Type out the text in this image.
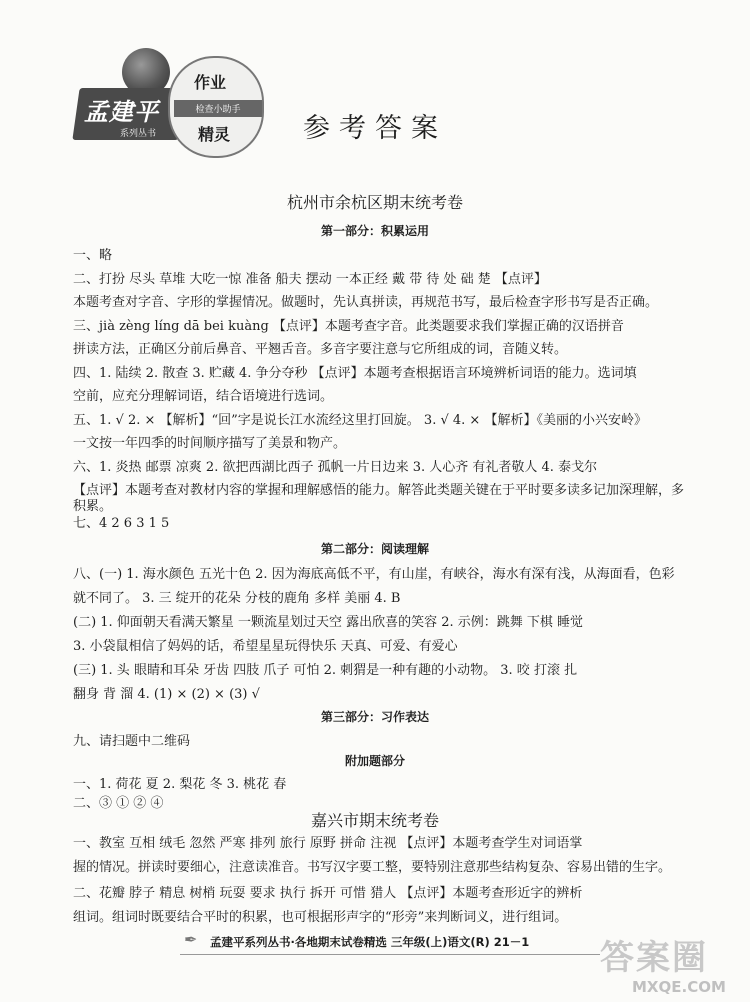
孟建平
系列丛书
作业
检查小助手
精灵	参考答案
杭州市余杭区期末统考卷
第一部分：积累运用
一、略
二、打扮 尽头 草堆 大吃一惊 准备 船夫 摆动 一本正经 戴 带 待 处 础 楚 【点评】
本题考查对字音、字形的掌握情况。做题时，先认真拼读，再规范书写，最后检查字形书写是否正确。
三、jià zèng líng dā bei kuàng 【点评】本题考查字音。此类题要求我们掌握正确的汉语拼音
拼读方法，正确区分前后鼻音、平翘舌音。多音字要注意与它所组成的词，音随义转。
四、1. 陆续 2. 散查 3. 贮藏 4. 争分夺秒 【点评】本题考查根据语言环境辨析词语的能力。选词填
空前，应充分理解词语，结合语境进行选词。
五、1. √ 2. × 【解析】“回”字是说长江水流经这里打回旋。 3. √ 4. × 【解析】《美丽的小兴安岭》
一文按一年四季的时间顺序描写了美景和物产。
六、1. 炎热 邮票 凉爽 2. 欲把西湖比西子 孤帆一片日边来 3. 人心齐 有礼者敬人 4. 泰戈尔
【点评】本题考查对教材内容的掌握和理解感悟的能力。解答此类题关键在于平时要多读多记加深理解，多
积累。
七、4 2 6 3 1 5
第二部分：阅读理解
八、(一) 1. 海水颜色 五光十色 2. 因为海底高低不平，有山崖，有峡谷，海水有深有浅，从海面看，色彩
就不同了。 3. 三 绽开的花朵 分枝的鹿角 多样 美丽 4. B
(二) 1. 仰面朝天看满天繁星 一颗流星划过天空 露出欣喜的笑容 2. 示例：跳舞 下棋 睡觉
3. 小袋鼠相信了妈妈的话，希望星星玩得快乐 天真、可爱、有爱心
(三) 1. 头 眼睛和耳朵 牙齿 四肢 爪子 可怕 2. 刺猬是一种有趣的小动物。 3. 咬 打滚 扎
翻身 背 溜 4. (1) × (2) × (3) √
第三部分：习作表达
九、请扫题中二维码
附加题部分
一、1. 荷花 夏 2. 梨花 冬 3. 桃花 春
二、③ ① ② ④
嘉兴市期末统考卷
✒ 孟建平系列丛书·各地期末试卷精选 三年级(上)语文(R) 21－1 答案圈
MXQE.COM
一、教室 互相 绒毛 忽然 严寒 排列 旅行 原野 拼命 注视 【点评】本题考查学生对词语掌
握的情况。拼读时要细心，注意读准音。书写汉字要工整，要特别注意那些结构复杂、容易出错的生字。
二、花瓣 脖子 精息 树梢 玩耍 要求 执行 拆开 可惜 猎人 【点评】本题考查形近字的辨析
组词。组词时既要结合平时的积累，也可根据形声字的“形旁”来判断词义，进行组词。
